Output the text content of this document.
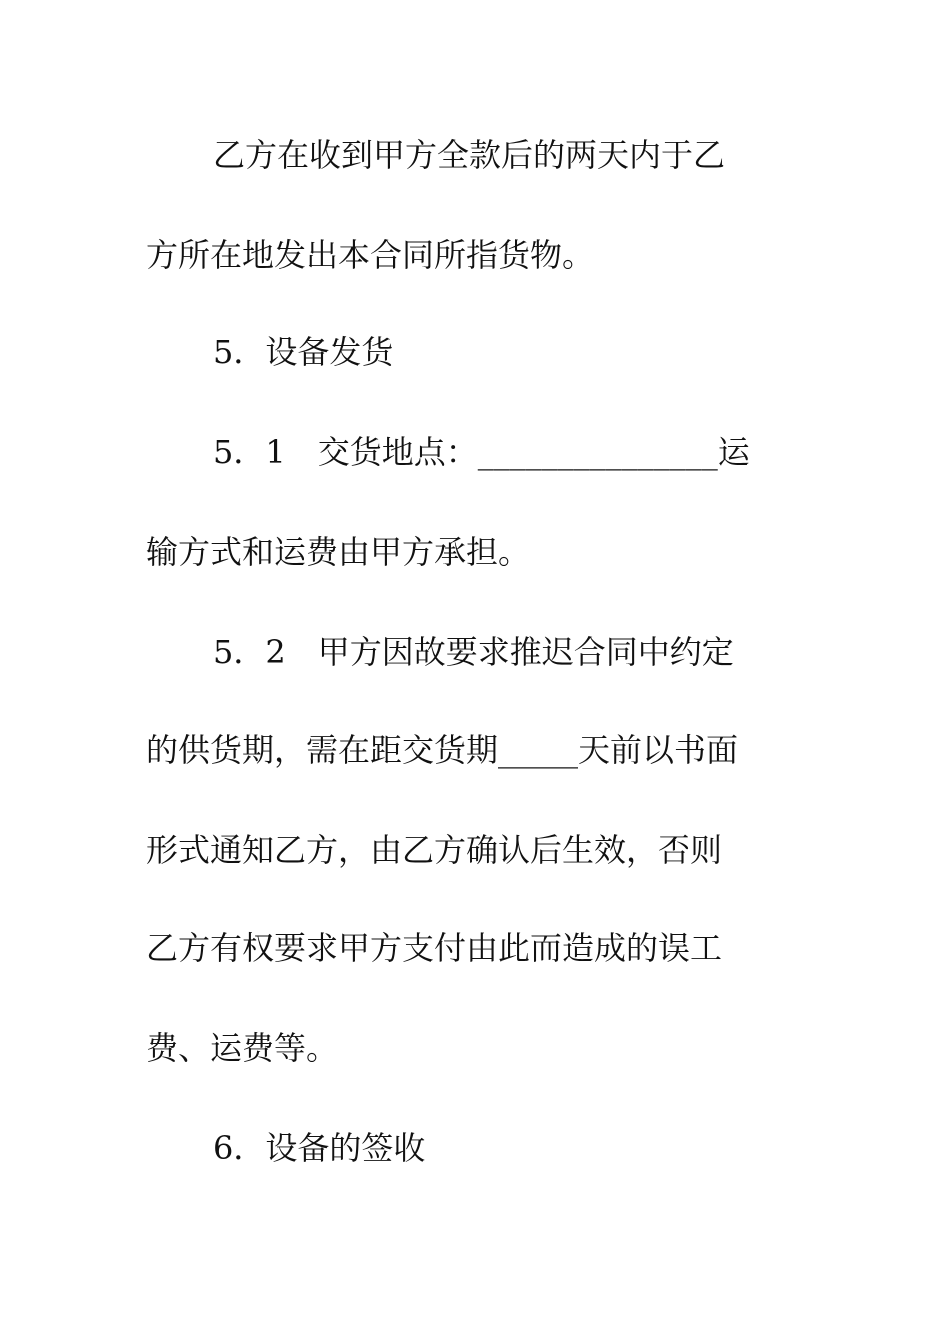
乙方在收到甲方全款后的两天内于乙
方所在地发出本合同所指货物。
5．设备发货
5．1　交货地点：_______________运
输方式和运费由甲方承担。
5．2　甲方因故要求推迟合同中约定
的供货期，需在距交货期_____天前以书面
形式通知乙方，由乙方确认后生效，否则
乙方有权要求甲方支付由此而造成的误工
费、运费等。
6．设备的签收
